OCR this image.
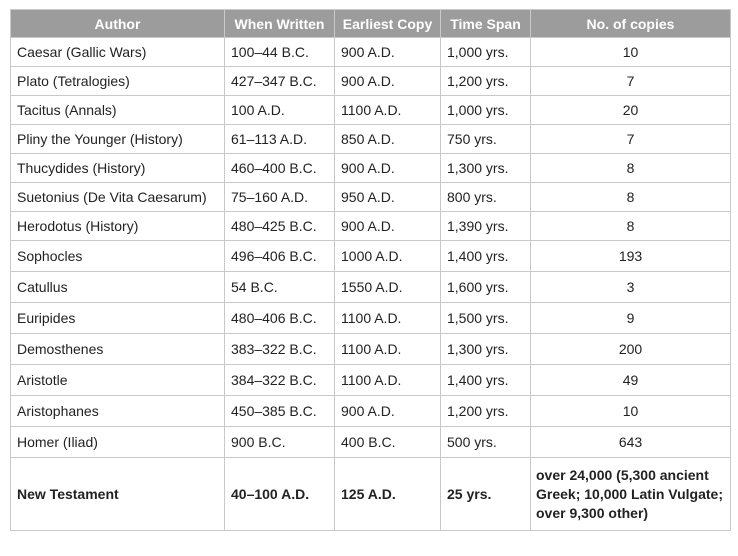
Author	When Written	Earliest Copy	Time Span	No. of copies
Caesar (Gallic Wars)	100–44 B.C.	900 A.D.	1,000 yrs.	10
Plato (Tetralogies)	427–347 B.C.	900 A.D.	1,200 yrs.	7
Tacitus (Annals)	100 A.D.	1100 A.D.	1,000 yrs.	20
Pliny the Younger (History)	61–113 A.D.	850 A.D.	750 yrs.	7
Thucydides (History)	460–400 B.C.	900 A.D.	1,300 yrs.	8
Suetonius (De Vita Caesarum)	75–160 A.D.	950 A.D.	800 yrs.	8
Herodotus (History)	480–425 B.C.	900 A.D.	1,390 yrs.	8
Sophocles	496–406 B.C.	1000 A.D.	1,400 yrs.	193
Catullus	54 B.C.	1550 A.D.	1,600 yrs.	3
Euripides	480–406 B.C.	1100 A.D.	1,500 yrs.	9
Demosthenes	383–322 B.C.	1100 A.D.	1,300 yrs.	200
Aristotle	384–322 B.C.	1100 A.D.	1,400 yrs.	49
Aristophanes	450–385 B.C.	900 A.D.	1,200 yrs.	10
Homer (Iliad)	900 B.C.	400 B.C.	500 yrs.	643
New Testament	40–100 A.D.	125 A.D.	25 yrs.	over 24,000 (5,300 ancient Greek; 10,000 Latin Vulgate; over 9,300 other)
